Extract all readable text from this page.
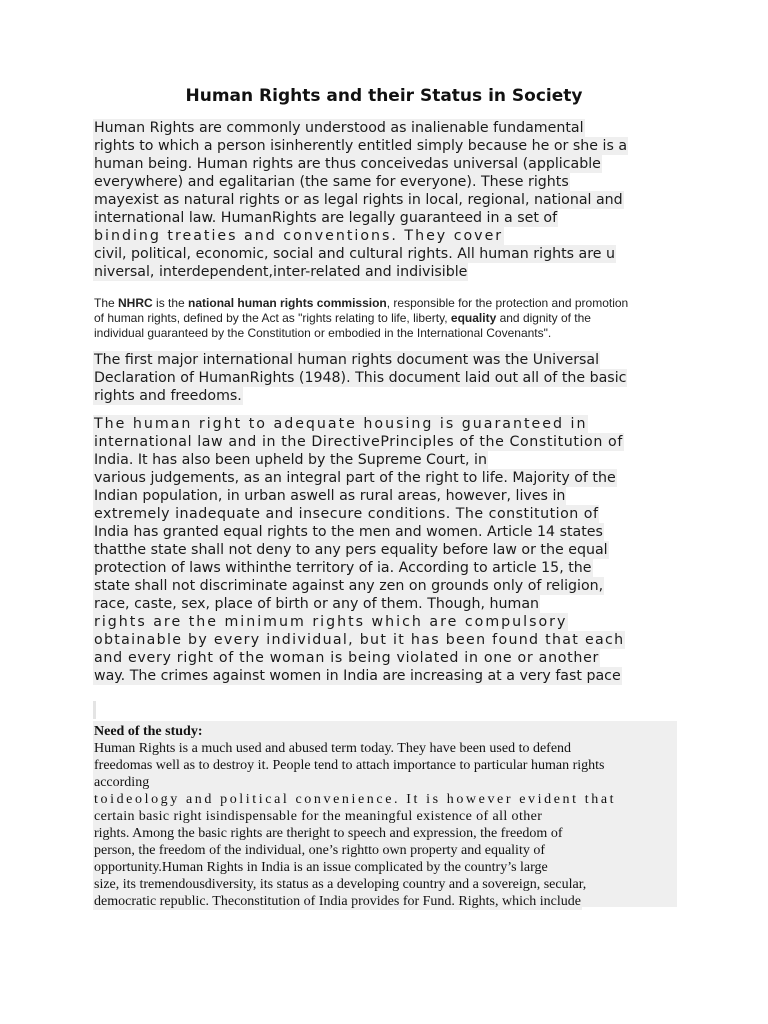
Human Rights and their Status in Society
Human Rights are commonly understood as inalienable fundamental
rights to which a person isinherently entitled simply because he or she is a
human being. Human rights are thus conceivedas universal (applicable
everywhere) and egalitarian (the same for everyone). These rights
mayexist as natural rights or as legal rights in local, regional, national and
international law. HumanRights are legally guaranteed in a set of
binding treaties and conventions. They cover
civil, political, economic, social and cultural rights. All human rights are u
niversal, interdependent,inter-related and indivisible
The NHRC is the national human rights commission, responsible for the protection and promotion
of human rights, defined by the Act as "rights relating to life, liberty, equality and dignity of the
individual guaranteed by the Constitution or embodied in the International Covenants".
The first major international human rights document was the Universal
Declaration of HumanRights (1948). This document laid out all of the basic
rights and freedoms.
The human right to adequate housing is guaranteed in
international law and in the DirectivePrinciples of the Constitution of
India. It has also been upheld by the Supreme Court, in
various judgements, as an integral part of the right to life. Majority of the
Indian population, in urban aswell as rural areas, however, lives in
extremely inadequate and insecure conditions. The constitution of
India has granted equal rights to the men and women. Article 14 states
thatthe state shall not deny to any pers equality before law or the equal
protection of laws withinthe territory of ia. According to article 15, the
state shall not discriminate against any zen on grounds only of religion,
race, caste, sex, place of birth or any of them. Though, human
rights are the minimum rights which are compulsory
obtainable by every individual, but it has been found that each
and every right of the woman is being violated in one or another
way. The crimes against women in India are increasing at a very fast pace
Need of the study:
Human Rights is a much used and abused term today. They have been used to defend
freedomas well as to destroy it. People tend to attach importance to particular human rights
according
toideology and political convenience. It is however evident that
certain basic right isindispensable for the meaningful existence of all other
rights. Among the basic rights are theright to speech and expression, the freedom of
person, the freedom of the individual, one’s rightto own property and equality of
opportunity.Human Rights in India is an issue complicated by the country’s large
size, its tremendousdiversity, its status as a developing country and a sovereign, secular,
democratic republic. Theconstitution of India provides for Fund. Rights, which include
